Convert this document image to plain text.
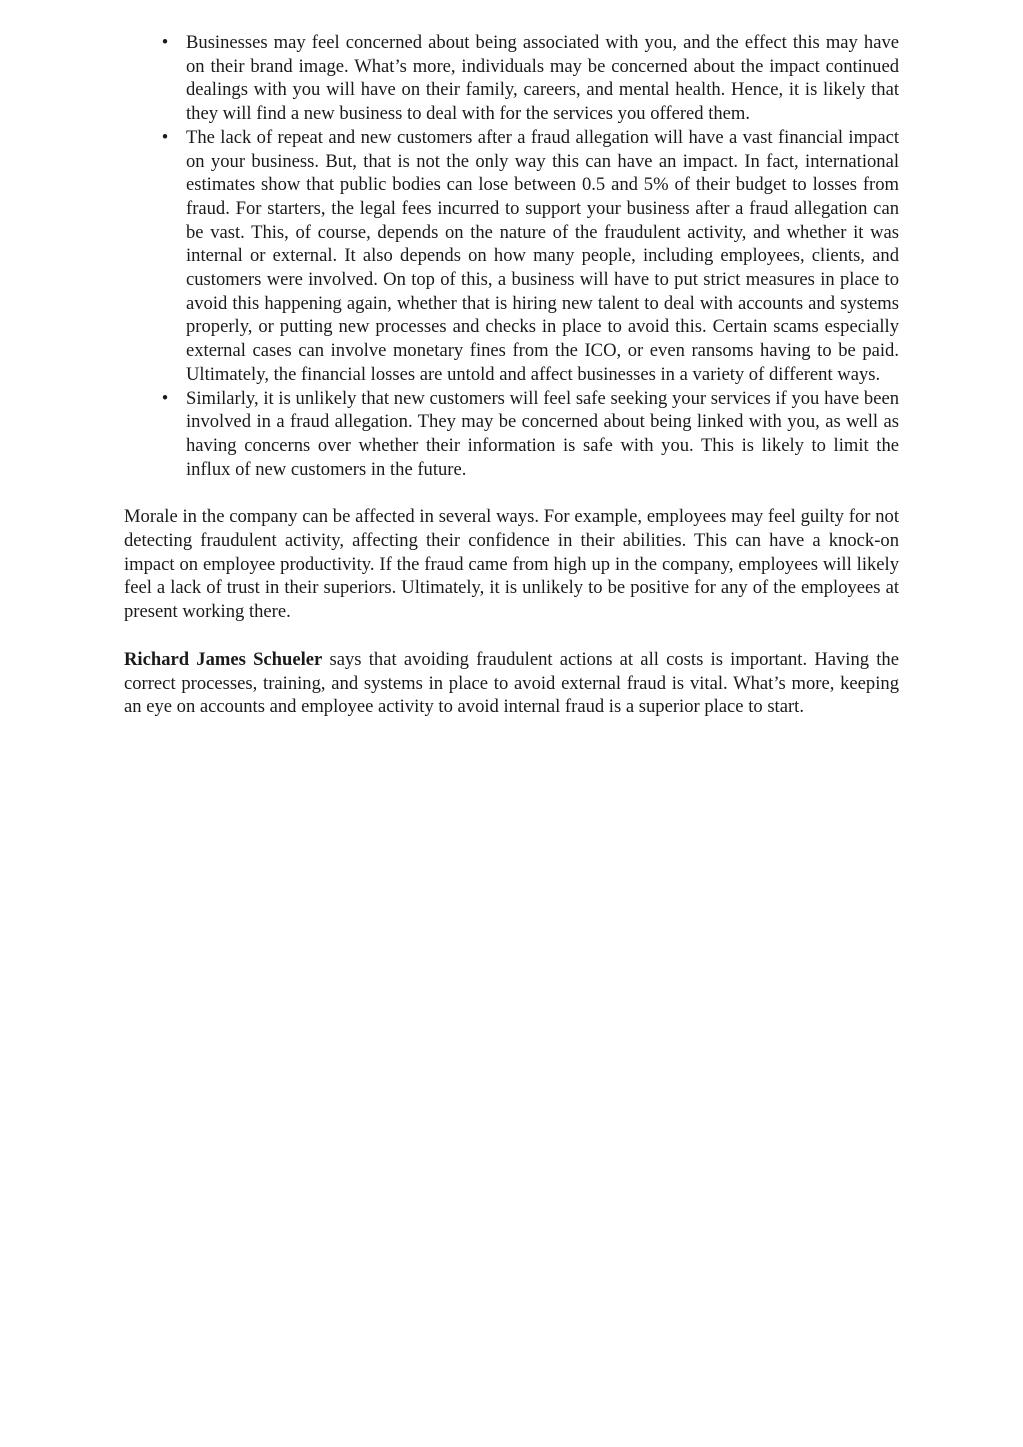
• Businesses may feel concerned about being associated with you, and the effect this may have on their brand image. What’s more, individuals may be concerned about the impact continued dealings with you will have on their family, careers, and mental health. Hence, it is likely that they will find a new business to deal with for the services you offered them.
• The lack of repeat and new customers after a fraud allegation will have a vast financial impact on your business. But, that is not the only way this can have an impact. In fact, international estimates show that public bodies can lose between 0.5 and 5% of their budget to losses from fraud. For starters, the legal fees incurred to support your business after a fraud allegation can be vast. This, of course, depends on the nature of the fraudulent activity, and whether it was internal or external. It also depends on how many people, including employees, clients, and customers were involved. On top of this, a business will have to put strict measures in place to avoid this happening again, whether that is hiring new talent to deal with accounts and systems properly, or putting new processes and checks in place to avoid this. Certain scams especially external cases can involve monetary fines from the ICO, or even ransoms having to be paid. Ultimately, the financial losses are untold and affect businesses in a variety of different ways.
• Similarly, it is unlikely that new customers will feel safe seeking your services if you have been involved in a fraud allegation. They may be concerned about being linked with you, as well as having concerns over whether their information is safe with you. This is likely to limit the influx of new customers in the future.

Morale in the company can be affected in several ways. For example, employees may feel guilty for not detecting fraudulent activity, affecting their confidence in their abilities. This can have a knock-on impact on employee productivity. If the fraud came from high up in the company, employees will likely feel a lack of trust in their superiors. Ultimately, it is unlikely to be positive for any of the employees at present working there.

Richard James Schueler says that avoiding fraudulent actions at all costs is important. Having the correct processes, training, and systems in place to avoid external fraud is vital. What’s more, keeping an eye on accounts and employee activity to avoid internal fraud is a superior place to start.
